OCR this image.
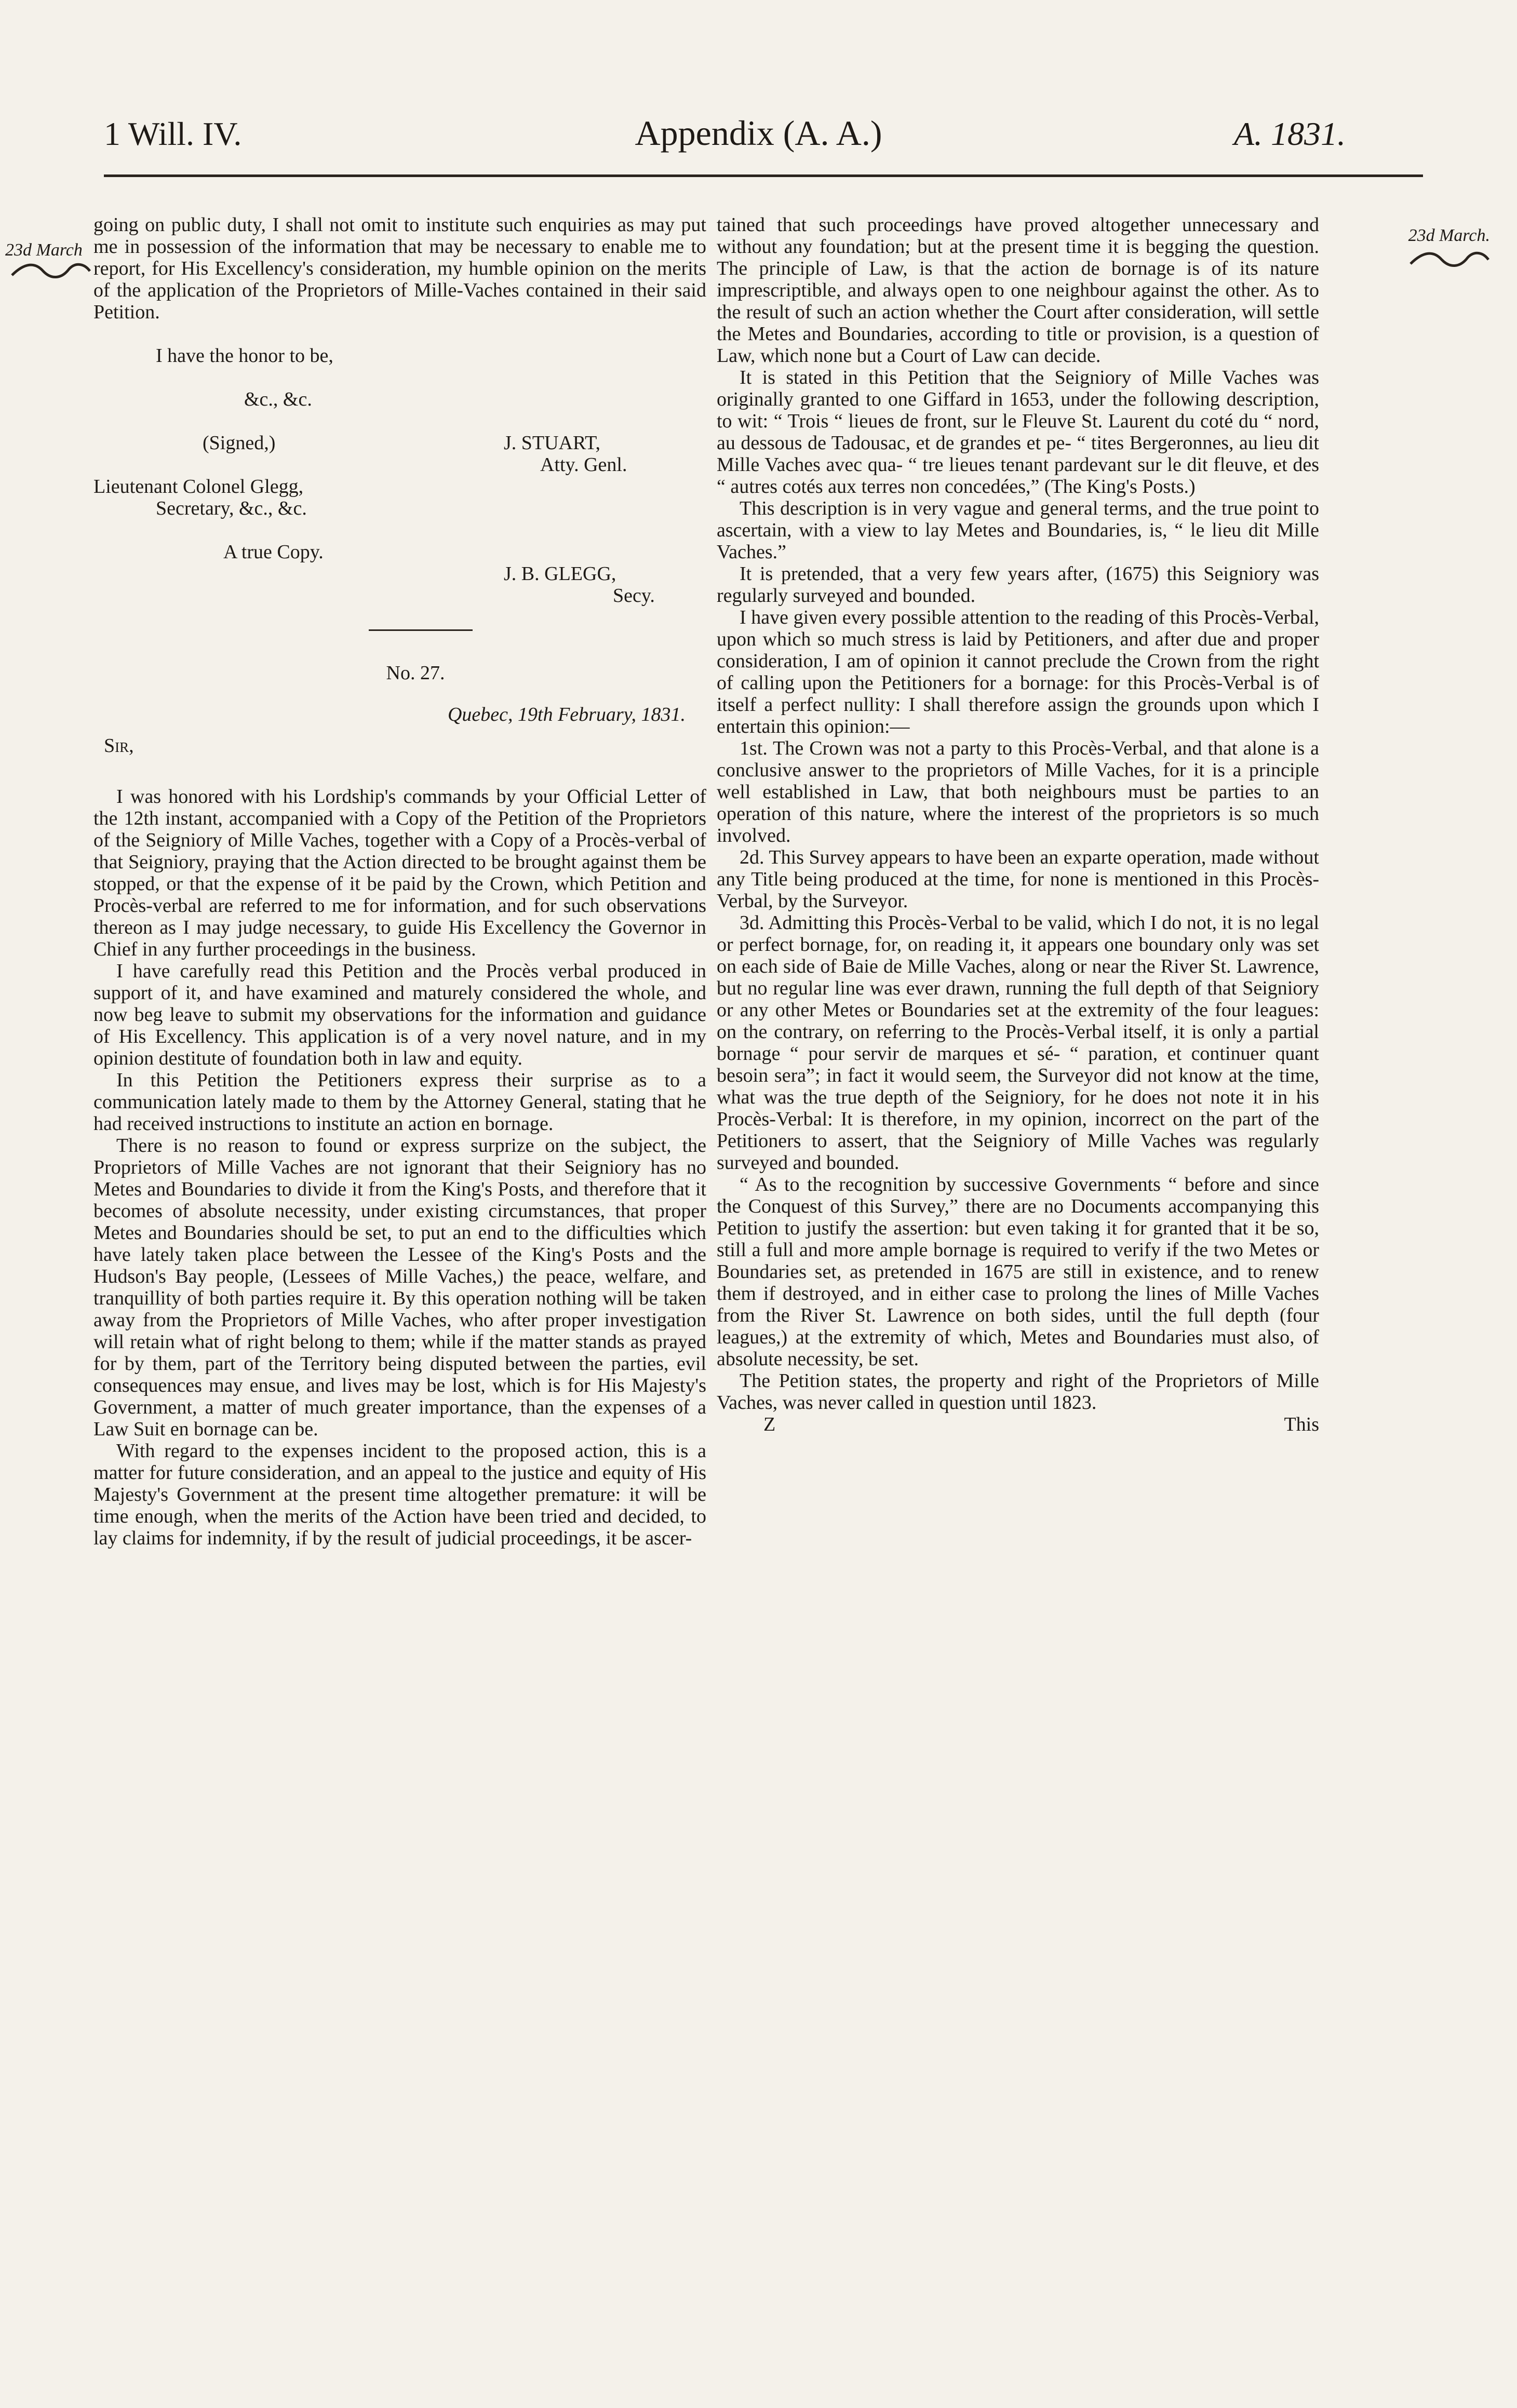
1 Will. IV.	Appendix (A. A.)	A. 1831.
23d March
23d March.

going on public duty, I shall not omit to institute such enquiries as may put me in possession of the information that may be necessary to enable me to report, for His Excellency's consideration, my humble opinion on the merits of the application of the Proprietors of Mille-Vaches contained in their said Petition.

I have the honor to be,
&c., &c.
(Signed,)	J. STUART,
Atty. Genl.
Lieutenant Colonel Glegg,
Secretary, &c., &c.
A true Copy.
J. B. GLEGG,
Secy.
No. 27.
Quebec, 19th February, 1831.
Sir,

I was honored with his Lordship's commands by your Official Letter of the 12th instant, accompanied with a Copy of the Petition of the Proprietors of the Seigniory of Mille Vaches, together with a Copy of a Procès-verbal of that Seigniory, praying that the Action directed to be brought against them be stopped, or that the expense of it be paid by the Crown, which Petition and Procès-verbal are referred to me for information, and for such observations thereon as I may judge necessary, to guide His Excellency the Governor in Chief in any further proceedings in the business.

I have carefully read this Petition and the Procès verbal produced in support of it, and have examined and maturely considered the whole, and now beg leave to submit my observations for the information and guidance of His Excellency. This application is of a very novel nature, and in my opinion destitute of foundation both in law and equity.

In this Petition the Petitioners express their surprise as to a communication lately made to them by the Attorney General, stating that he had received instructions to institute an action en bornage.

There is no reason to found or express surprize on the subject, the Proprietors of Mille Vaches are not ignorant that their Seigniory has no Metes and Boundaries to divide it from the King's Posts, and therefore that it becomes of absolute necessity, under existing circumstances, that proper Metes and Boundaries should be set, to put an end to the difficulties which have lately taken place between the Lessee of the King's Posts and the Hudson's Bay people, (Lessees of Mille Vaches,) the peace, welfare, and tranquillity of both parties require it. By this operation nothing will be taken away from the Proprietors of Mille Vaches, who after proper investigation will retain what of right belong to them; while if the matter stands as prayed for by them, part of the Territory being disputed between the parties, evil consequences may ensue, and lives may be lost, which is for His Majesty's Government, a matter of much greater importance, than the expenses of a Law Suit en bornage can be.

With regard to the expenses incident to the proposed action, this is a matter for future consideration, and an appeal to the justice and equity of His Majesty's Government at the present time altogether premature: it will be time enough, when the merits of the Action have been tried and decided, to lay claims for indemnity, if by the result of judicial proceedings, it be ascer-

tained that such proceedings have proved altogether unnecessary and without any foundation; but at the present time it is begging the question. The principle of Law, is that the action de bornage is of its nature imprescriptible, and always open to one neighbour against the other. As to the result of such an action whether the Court after consideration, will settle the Metes and Boundaries, according to title or provision, is a question of Law, which none but a Court of Law can decide.

It is stated in this Petition that the Seigniory of Mille Vaches was originally granted to one Giffard in 1653, under the following description, to wit: “ Trois “ lieues de front, sur le Fleuve St. Laurent du coté du “ nord, au dessous de Tadousac, et de grandes et pe- “ tites Bergeronnes, au lieu dit Mille Vaches avec qua- “ tre lieues tenant pardevant sur le dit fleuve, et des “ autres cotés aux terres non concedées,” (The King's Posts.)

This description is in very vague and general terms, and the true point to ascertain, with a view to lay Metes and Boundaries, is, “ le lieu dit Mille Vaches.”

It is pretended, that a very few years after, (1675) this Seigniory was regularly surveyed and bounded.

I have given every possible attention to the reading of this Procès-Verbal, upon which so much stress is laid by Petitioners, and after due and proper consideration, I am of opinion it cannot preclude the Crown from the right of calling upon the Petitioners for a bornage: for this Procès-Verbal is of itself a perfect nullity: I shall therefore assign the grounds upon which I entertain this opinion:—

1st. The Crown was not a party to this Procès-Verbal, and that alone is a conclusive answer to the proprietors of Mille Vaches, for it is a principle well established in Law, that both neighbours must be parties to an operation of this nature, where the interest of the proprietors is so much involved.

2d. This Survey appears to have been an exparte operation, made without any Title being produced at the time, for none is mentioned in this Procès-Verbal, by the Surveyor.

3d. Admitting this Procès-Verbal to be valid, which I do not, it is no legal or perfect bornage, for, on reading it, it appears one boundary only was set on each side of Baie de Mille Vaches, along or near the River St. Lawrence, but no regular line was ever drawn, running the full depth of that Seigniory or any other Metes or Boundaries set at the extremity of the four leagues: on the contrary, on referring to the Procès-Verbal itself, it is only a partial bornage “ pour servir de marques et sé- “ paration, et continuer quant besoin sera”; in fact it would seem, the Surveyor did not know at the time, what was the true depth of the Seigniory, for he does not note it in his Procès-Verbal: It is therefore, in my opinion, incorrect on the part of the Petitioners to assert, that the Seigniory of Mille Vaches was regularly surveyed and bounded.

“ As to the recognition by successive Governments “ before and since the Conquest of this Survey,” there are no Documents accompanying this Petition to justify the assertion: but even taking it for granted that it be so, still a full and more ample bornage is required to verify if the two Metes or Boundaries set, as pretended in 1675 are still in existence, and to renew them if destroyed, and in either case to prolong the lines of Mille Vaches from the River St. Lawrence on both sides, until the full depth (four leagues,) at the extremity of which, Metes and Boundaries must also, of absolute necessity, be set.

The Petition states, the property and right of the Proprietors of Mille Vaches, was never called in question until 1823.

Z	This
